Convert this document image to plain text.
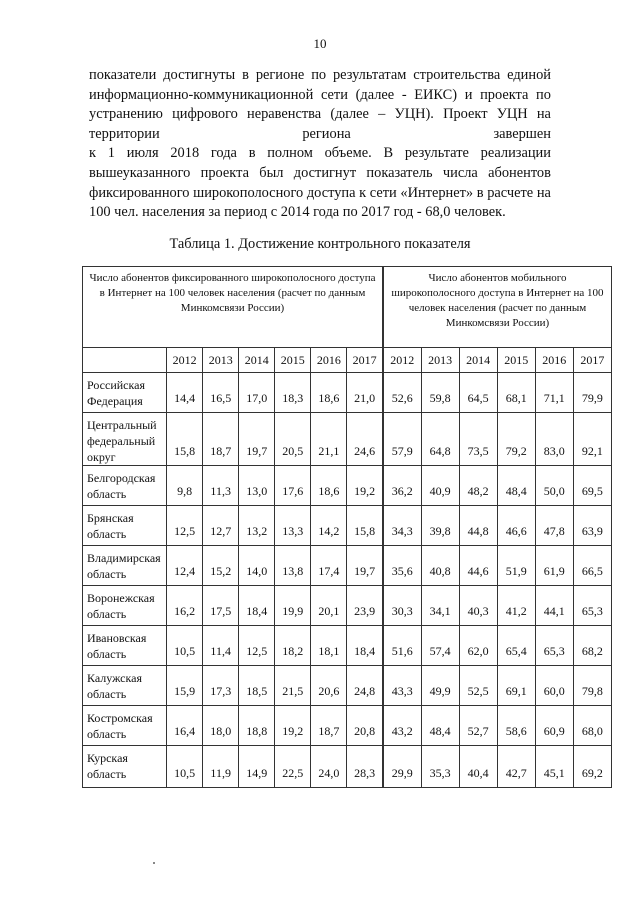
10
показатели достигнуты в регионе по результатам строительства единой
информационно-коммуникационной сети (далее - ЕИКС) и проекта по
устранению цифрового неравенства (далее – УЦН). Проект УЦН на
территории	региона	завершен
к 1 июля 2018 года в полном объеме. В результате реализации
вышеуказанного проекта был достигнут показатель числа абонентов
фиксированного широкополосного доступа к сети «Интернет» в расчете на
100 чел. населения за период с 2014 года по 2017 год - 68,0 человек.
Таблица 1. Достижение контрольного показателя
Число абонентов фиксированного широкополосного доступа в Интернет на 100 человек населения (расчет по данным Минкомсвязи России)							Число абонентов мобильного широкополосного доступа в Интернет на 100 человек населения (расчет по данным Минкомсвязи России)					
	2012	2013	2014	2015	2016	2017	2012	2013	2014	2015	2016	2017
Российская Федерация	14,4	16,5	17,0	18,3	18,6	21,0	52,6	59,8	64,5	68,1	71,1	79,9
Центральный федеральный округ	15,8	18,7	19,7	20,5	21,1	24,6	57,9	64,8	73,5	79,2	83,0	92,1
Белгородская область	9,8	11,3	13,0	17,6	18,6	19,2	36,2	40,9	48,2	48,4	50,0	69,5
Брянская область	12,5	12,7	13,2	13,3	14,2	15,8	34,3	39,8	44,8	46,6	47,8	63,9
Владимирская область	12,4	15,2	14,0	13,8	17,4	19,7	35,6	40,8	44,6	51,9	61,9	66,5
Воронежская область	16,2	17,5	18,4	19,9	20,1	23,9	30,3	34,1	40,3	41,2	44,1	65,3
Ивановская область	10,5	11,4	12,5	18,2	18,1	18,4	51,6	57,4	62,0	65,4	65,3	68,2
Калужская область	15,9	17,3	18,5	21,5	20,6	24,8	43,3	49,9	52,5	69,1	60,0	79,8
Костромская область	16,4	18,0	18,8	19,2	18,7	20,8	43,2	48,4	52,7	58,6	60,9	68,0
Курская область	10,5	11,9	14,9	22,5	24,0	28,3	29,9	35,3	40,4	42,7	45,1	69,2
